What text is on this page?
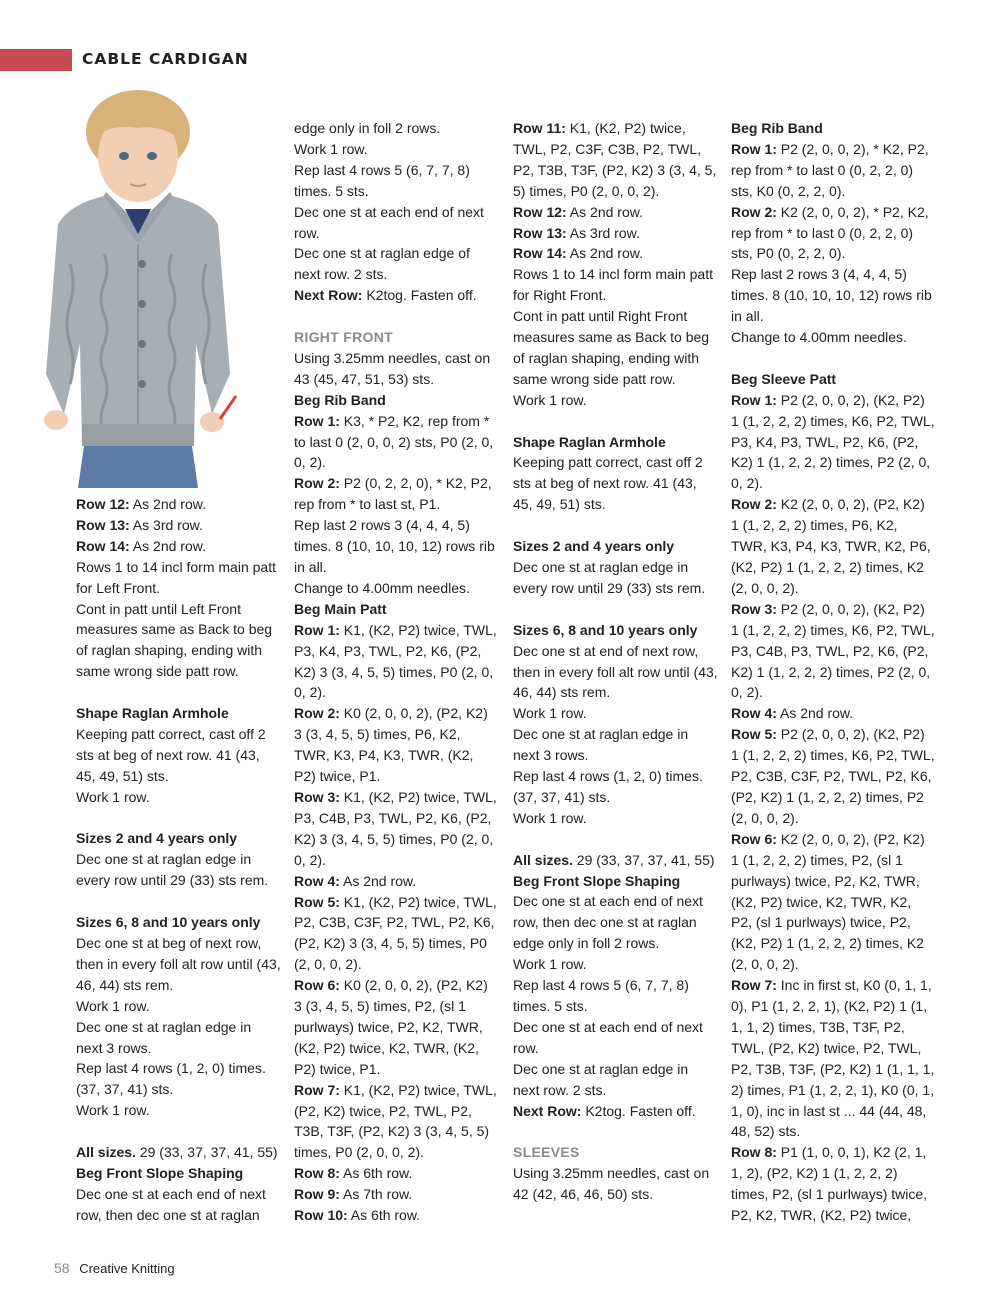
CABLE CARDIGAN

Row 12: As 2nd row.

Row 13: As 3rd row.

Row 14: As 2nd row.

Rows 1 to 14 incl form main patt for Left Front.

Cont in patt until Left Front measures same as Back to beg of raglan shaping, ending with same wrong side patt row.

Shape Raglan Armhole

Keeping patt correct, cast off 2 sts at beg of next row. 41 (43, 45, 49, 51) sts.

Work 1 row.

Sizes 2 and 4 years only

Dec one st at raglan edge in every row until 29 (33) sts rem.

Sizes 6, 8 and 10 years only

Dec one st at beg of next row, then in every foll alt row until (43, 46, 44) sts rem.

Work 1 row.

Dec one st at raglan edge in next 3 rows.

Rep last 4 rows (1, 2, 0) times. (37, 37, 41) sts.

Work 1 row.

All sizes. 29 (33, 37, 37, 41, 55)

Beg Front Slope Shaping

Dec one st at each end of next row, then dec one st at raglan

edge only in foll 2 rows.

Work 1 row.

Rep last 4 rows 5 (6, 7, 7, 8) times. 5 sts.

Dec one st at each end of next row.

Dec one st at raglan edge of next row. 2 sts.

Next Row: K2tog. Fasten off.

RIGHT FRONT

Using 3.25mm needles, cast on 43 (45, 47, 51, 53) sts.

Beg Rib Band

Row 1: K3, * P2, K2, rep from * to last 0 (2, 0, 0, 2) sts, P0 (2, 0, 0, 2).

Row 2: P2 (0, 2, 2, 0), * K2, P2, rep from * to last st, P1.

Rep last 2 rows 3 (4, 4, 4, 5) times. 8 (10, 10, 10, 12) rows rib in all.

Change to 4.00mm needles.

Beg Main Patt

Row 1: K1, (K2, P2) twice, TWL, P3, K4, P3, TWL, P2, K6, (P2, K2) 3 (3, 4, 5, 5) times, P0 (2, 0, 0, 2).

Row 2: K0 (2, 0, 0, 2), (P2, K2) 3 (3, 4, 5, 5) times, P6, K2, TWR, K3, P4, K3, TWR, (K2, P2) twice, P1.

Row 3: K1, (K2, P2) twice, TWL, P3, C4B, P3, TWL, P2, K6, (P2, K2) 3 (3, 4, 5, 5) times, P0 (2, 0, 0, 2).

Row 4: As 2nd row.

Row 5: K1, (K2, P2) twice, TWL, P2, C3B, C3F, P2, TWL, P2, K6, (P2, K2) 3 (3, 4, 5, 5) times, P0 (2, 0, 0, 2).

Row 6: K0 (2, 0, 0, 2), (P2, K2) 3 (3, 4, 5, 5) times, P2, (sl 1 purlways) twice, P2, K2, TWR, (K2, P2) twice, K2, TWR, (K2, P2) twice, P1.

Row 7: K1, (K2, P2) twice, TWL, (P2, K2) twice, P2, TWL, P2, T3B, T3F, (P2, K2) 3 (3, 4, 5, 5) times, P0 (2, 0, 0, 2).

Row 8: As 6th row.

Row 9: As 7th row.

Row 10: As 6th row.

Row 11: K1, (K2, P2) twice, TWL, P2, C3F, C3B, P2, TWL, P2, T3B, T3F, (P2, K2) 3 (3, 4, 5, 5) times, P0 (2, 0, 0, 2).

Row 12: As 2nd row.

Row 13: As 3rd row.

Row 14: As 2nd row.

Rows 1 to 14 incl form main patt for Right Front.

Cont in patt until Right Front measures same as Back to beg of raglan shaping, ending with same wrong side patt row.

Work 1 row.

Shape Raglan Armhole

Keeping patt correct, cast off 2 sts at beg of next row. 41 (43, 45, 49, 51) sts.

Sizes 2 and 4 years only

Dec one st at raglan edge in every row until 29 (33) sts rem.

Sizes 6, 8 and 10 years only

Dec one st at end of next row, then in every foll alt row until (43, 46, 44) sts rem.

Work 1 row.

Dec one st at raglan edge in next 3 rows.

Rep last 4 rows (1, 2, 0) times. (37, 37, 41) sts.

Work 1 row.

All sizes. 29 (33, 37, 37, 41, 55)

Beg Front Slope Shaping

Dec one st at each end of next row, then dec one st at raglan edge only in foll 2 rows.

Work 1 row.

Rep last 4 rows 5 (6, 7, 7, 8) times. 5 sts.

Dec one st at each end of next row.

Dec one st at raglan edge in next row. 2 sts.

Next Row: K2tog. Fasten off.

SLEEVES

Using 3.25mm needles, cast on 42 (42, 46, 46, 50) sts.

Beg Rib Band

Row 1: P2 (2, 0, 0, 2), * K2, P2, rep from * to last 0 (0, 2, 2, 0) sts, K0 (0, 2, 2, 0).

Row 2: K2 (2, 0, 0, 2), * P2, K2, rep from * to last 0 (0, 2, 2, 0) sts, P0 (0, 2, 2, 0).

Rep last 2 rows 3 (4, 4, 4, 5) times. 8 (10, 10, 10, 12) rows rib in all.

Change to 4.00mm needles.

Beg Sleeve Patt

Row 1: P2 (2, 0, 0, 2), (K2, P2) 1 (1, 2, 2, 2) times, K6, P2, TWL, P3, K4, P3, TWL, P2, K6, (P2, K2) 1 (1, 2, 2, 2) times, P2 (2, 0, 0, 2).

Row 2: K2 (2, 0, 0, 2), (P2, K2) 1 (1, 2, 2, 2) times, P6, K2, TWR, K3, P4, K3, TWR, K2, P6, (K2, P2) 1 (1, 2, 2, 2) times, K2 (2, 0, 0, 2).

Row 3: P2 (2, 0, 0, 2), (K2, P2) 1 (1, 2, 2, 2) times, K6, P2, TWL, P3, C4B, P3, TWL, P2, K6, (P2, K2) 1 (1, 2, 2, 2) times, P2 (2, 0, 0, 2).

Row 4: As 2nd row.

Row 5: P2 (2, 0, 0, 2), (K2, P2) 1 (1, 2, 2, 2) times, K6, P2, TWL, P2, C3B, C3F, P2, TWL, P2, K6, (P2, K2) 1 (1, 2, 2, 2) times, P2 (2, 0, 0, 2).

Row 6: K2 (2, 0, 0, 2), (P2, K2) 1 (1, 2, 2, 2) times, P2, (sl 1 purlways) twice, P2, K2, TWR, (K2, P2) twice, K2, TWR, K2, P2, (sl 1 purlways) twice, P2, (K2, P2) 1 (1, 2, 2, 2) times, K2 (2, 0, 0, 2).

Row 7: Inc in first st, K0 (0, 1, 1, 0), P1 (1, 2, 2, 1), (K2, P2) 1 (1, 1, 1, 2) times, T3B, T3F, P2, TWL, (P2, K2) twice, P2, TWL, P2, T3B, T3F, (P2, K2) 1 (1, 1, 1, 2) times, P1 (1, 2, 2, 1), K0 (0, 1, 1, 0), inc in last st ... 44 (44, 48, 48, 52) sts.

Row 8: P1 (1, 0, 0, 1), K2 (2, 1, 1, 2), (P2, K2) 1 (1, 2, 2, 2) times, P2, (sl 1 purlways) twice, P2, K2, TWR, (K2, P2) twice,

58 Creative Knitting
